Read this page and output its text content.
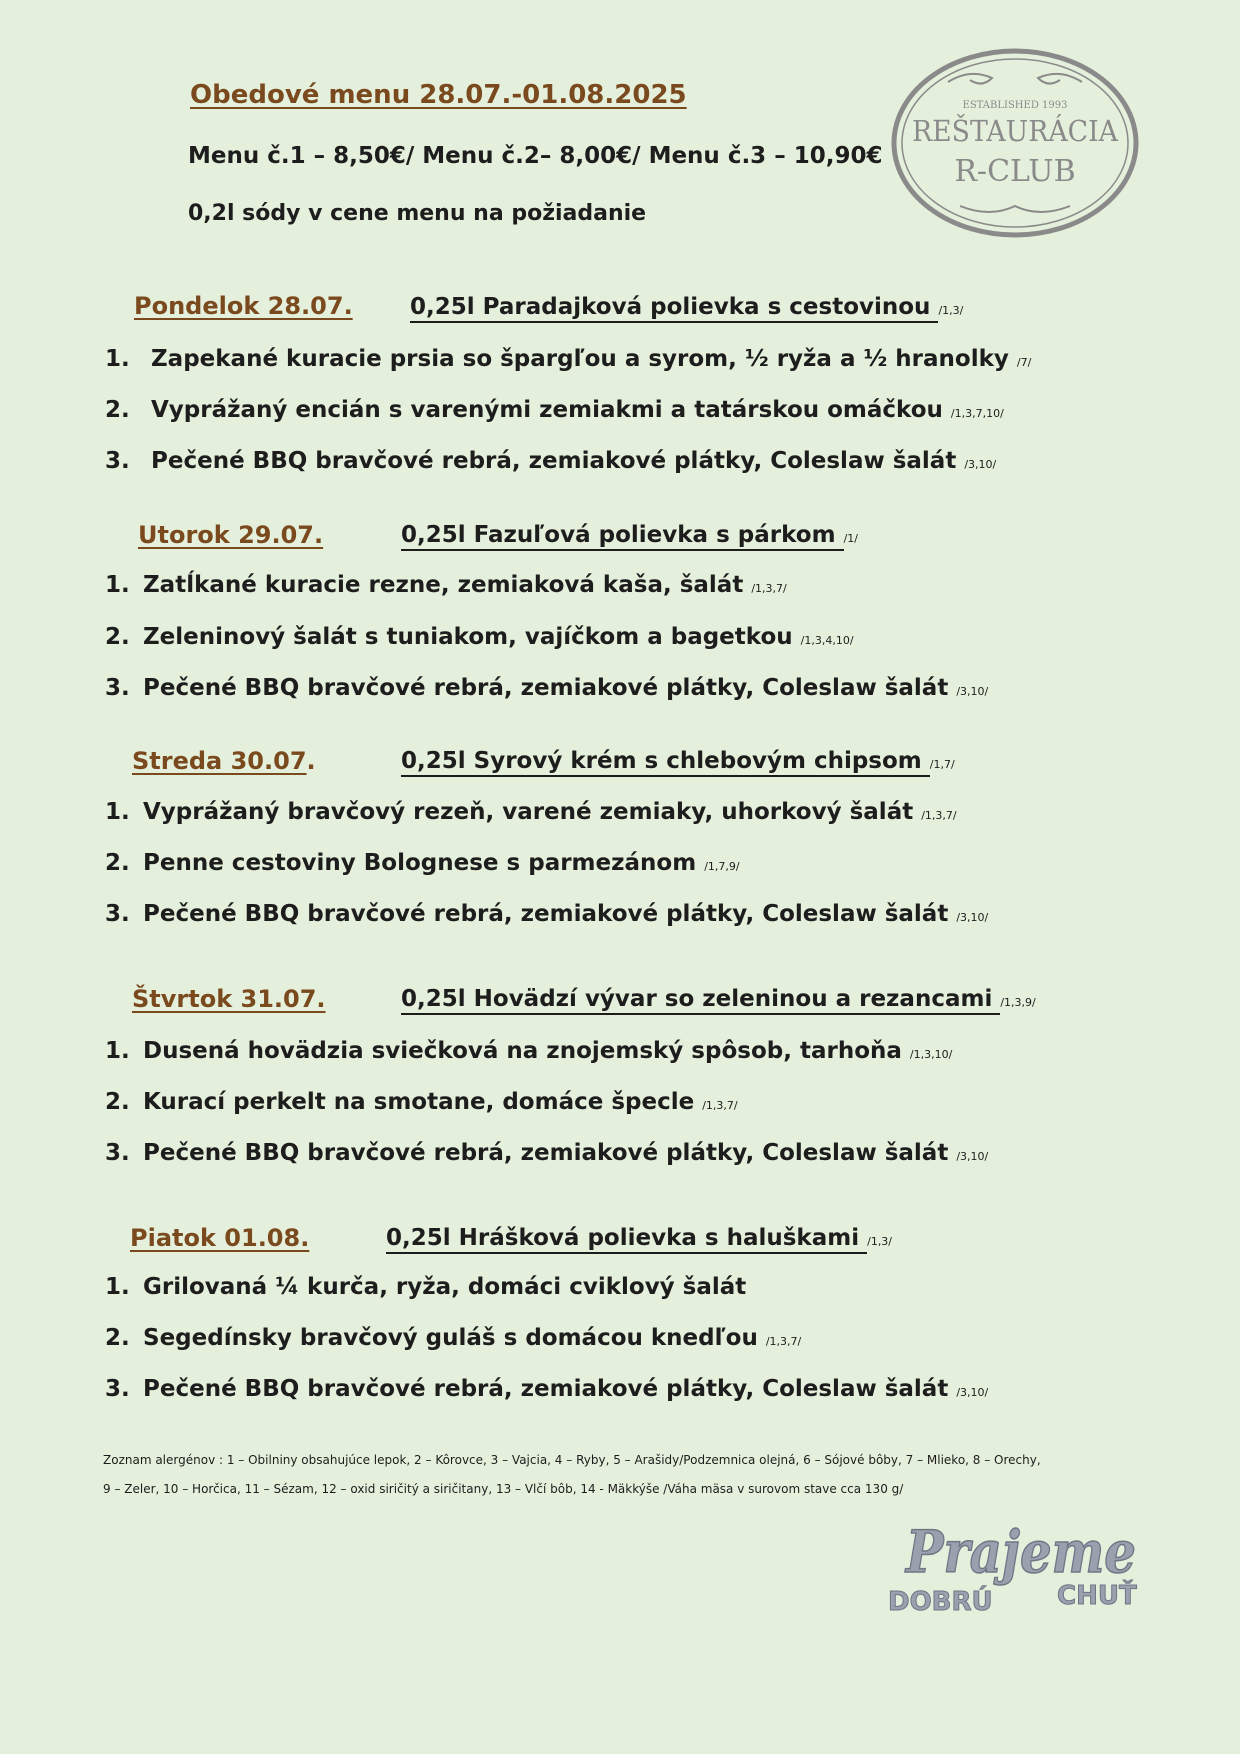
Obedové menu 28.07.-01.08.2025
Menu č.1 – 8,50€/ Menu č.2– 8,00€/ Menu č.3 – 10,90€
0,2l sódy v cene menu na požiadanie
ESTABLISHED 1993
REŠTAURÁCIA
R-CLUB
Pondelok 28.07. 0,25l Paradajková polievka s cestovinou /1,3/
1. Zapekané kuracie prsia so špargľou a syrom, ½ ryža a ½ hranolky /7/
2. Vyprážaný encián s varenými zemiakmi a tatárskou omáčkou /1,3,7,10/
3. Pečené BBQ bravčové rebrá, zemiakové plátky, Coleslaw šalát /3,10/
Utorok 29.07.	0,25l Fazuľová polievka s párkom /1/
1. Zatĺkané kuracie rezne, zemiaková kaša, šalát /1,3,7/
2. Zeleninový šalát s tuniakom, vajíčkom a bagetkou /1,3,4,10/
3. Pečené BBQ bravčové rebrá, zemiakové plátky, Coleslaw šalát /3,10/
Streda 30.07.	0,25l Syrový krém s chlebovým chipsom /1,7/
1. Vyprážaný bravčový rezeň, varené zemiaky, uhorkový šalát /1,3,7/
2. Penne cestoviny Bolognese s parmezánom /1,7,9/
3. Pečené BBQ bravčové rebrá, zemiakové plátky, Coleslaw šalát /3,10/
Štvrtok 31.07.	0,25l Hovädzí vývar so zeleninou a rezancami /1,3,9/
1. Dusená hovädzia sviečková na znojemský spôsob, tarhoňa /1,3,10/
2. Kurací perkelt na smotane, domáce špecle /1,3,7/
3. Pečené BBQ bravčové rebrá, zemiakové plátky, Coleslaw šalát /3,10/
Piatok 01.08.	0,25l Hrášková polievka s haluškami /1,3/
1. Grilovaná ¼ kurča, ryža, domáci cviklový šalát
2. Segedínsky bravčový guláš s domácou knedľou /1,3,7/
3. Pečené BBQ bravčové rebrá, zemiakové plátky, Coleslaw šalát /3,10/
Zoznam alergénov : 1 – Obilniny obsahujúce lepok, 2 – Kôrovce, 3 – Vajcia, 4 – Ryby, 5 – Arašidy/Podzemnica olejná, 6 – Sójové bôby, 7 – Mlieko, 8 – Orechy,
9 – Zeler, 10 – Horčica, 11 – Sézam, 12 – oxid siričitý a siričitany, 13 – Vlčí bôb, 14 - Mäkkýše /Váha mäsa v surovom stave cca 130 g/
Prajeme
DOBRÚ CHUŤ
